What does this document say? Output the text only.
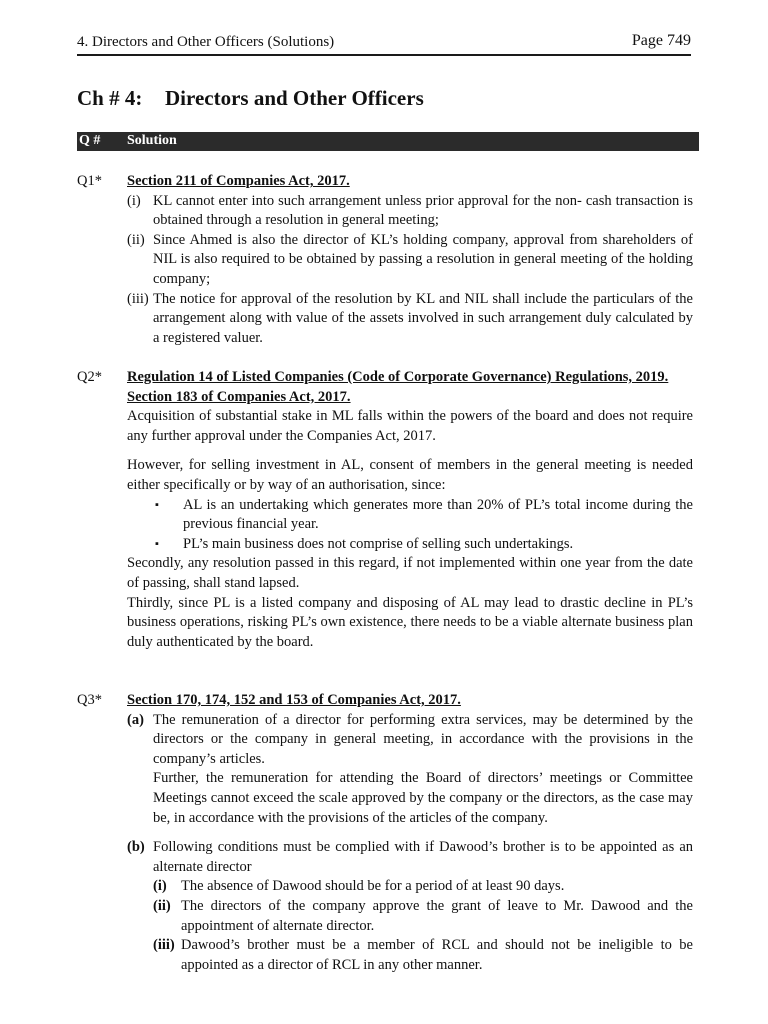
4. Directors and Other Officers (Solutions)	Page 749
Ch # 4: Directors and Other Officers
Q # Solution
Q1* Section 211 of Companies Act, 2017.
(i) KL cannot enter into such arrangement unless prior approval for the non- cash transaction is obtained through a resolution in general meeting;
(ii) Since Ahmed is also the director of KL’s holding company, approval from shareholders of NIL is also required to be obtained by passing a resolution in general meeting of the holding company;
(iii) The notice for approval of the resolution by KL and NIL shall include the particulars of the arrangement along with value of the assets involved in such arrangement duly calculated by a registered valuer.
Q2* Regulation 14 of Listed Companies (Code of Corporate Governance) Regulations, 2019.
Section 183 of Companies Act, 2017.

Acquisition of substantial stake in ML falls within the powers of the board and does not require any further approval under the Companies Act, 2017.

However, for selling investment in AL, consent of members in the general meeting is needed either specifically or by way of an authorisation, since:

▪ AL is an undertaking which generates more than 20% of PL’s total income during the previous financial year.
▪ PL’s main business does not comprise of selling such undertakings.

Secondly, any resolution passed in this regard, if not implemented within one year from the date of passing, shall stand lapsed.

Thirdly, since PL is a listed company and disposing of AL may lead to drastic decline in PL’s business operations, risking PL’s own existence, there needs to be a viable alternate business plan duly authenticated by the board.

Q3* Section 170, 174, 152 and 153 of Companies Act, 2017.
(a) The remuneration of a director for performing extra services, may be determined by the directors or the company in general meeting, in accordance with the provisions in the company’s articles.

Further, the remuneration for attending the Board of directors’ meetings or Committee Meetings cannot exceed the scale approved by the company or the directors, as the case may be, in accordance with the provisions of the articles of the company.

(b) Following conditions must be complied with if Dawood’s brother is to be appointed as an alternate director

(i) The absence of Dawood should be for a period of at least 90 days.
(ii) The directors of the company approve the grant of leave to Mr. Dawood and the appointment of alternate director.
(iii) Dawood’s brother must be a member of RCL and should not be ineligible to be appointed as a director of RCL in any other manner.
